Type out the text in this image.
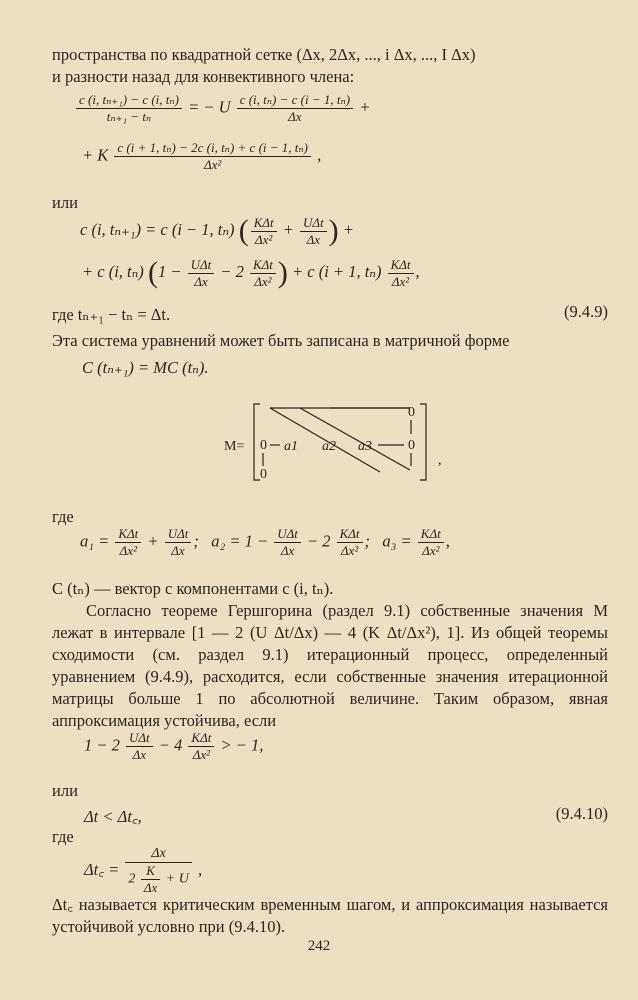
пространства по квадратной сетке (Δx, 2Δx, ..., i Δx, ..., I Δx)
и разности назад для конвективного члена:
$\frac{\text{c (i, tₙ₊₁) − c (i, tₙ)}}{\text{tₙ₊₁ − tₙ}}$ = − U $\frac{\text{c (i, tₙ) − c (i − 1, tₙ)}}{\Delta x}$ +
+ K $\frac{\text{c (i + 1, tₙ) − 2c (i, tₙ) + c (i − 1, tₙ)}}{\text{Δx²}}$ ,
или
c (i, tₙ₊₁) = c (i − 1, tₙ) ( $\frac{\text{KΔt}}{\text{Δx²}} + \frac{\text{UΔt}}{\Delta x}$ ) +
+ c (i, tₙ) ($1 - \frac{\text{UΔt}}{\Delta x} - 2 \frac{\text{KΔt}}{\text{Δx²}}$ ) + c (i + 1, $t_n) \frac{\text{KΔt}}{\text{Δx²}}$ ,
где tₙ₊₁ − tₙ = Δt.	(9.4.9)
Эта система уравнений может быть записана в матричной форме
C (tₙ₊₁) = MC (tₙ).
M=
0
0
0
0
a1 a2 a3
,
где
$a_1 = \frac{\text{KΔt}}{\text{Δx²}} + \frac{\text{UΔt}}{\Delta x}$ ; $a_2 = 1 - \frac{\text{UΔt}}{\Delta x} - 2 \frac{\text{KΔt}}{\text{Δx²}}$ ; $a_3 = \frac{\text{KΔt}}{\text{Δx²}}$ ,
C (tₙ) — вектор с компонентами c (i, tₙ).
Согласно теореме Гершгорина (раздел 9.1) собственные значения M лежат в интервале [1 — 2 (U Δt/Δx) — 4 (K Δt/Δx²), 1]. Из общей теоремы сходимости (см. раздел 9.1) итерационный процесс, определенный уравнением (9.4.9), расходится, если собственные значения итерационной матрицы больше 1 по абсолютной величине. Таким образом, явная аппроксимация устойчива, если
$1 - 2 \frac{\text{UΔt}}{\Delta x} - 4 \frac{\text{KΔt}}{\text{Δx²}}$ > − 1,
или
Δt < Δt꜀,	(9.4.10)
где
Δt꜀ = $\frac{\Delta x}{2 \frac{K}{\Delta x} + U}$ ,
Δt꜀ называется критическим временным шагом, и аппроксимация называется устойчивой условно при (9.4.10).
242
